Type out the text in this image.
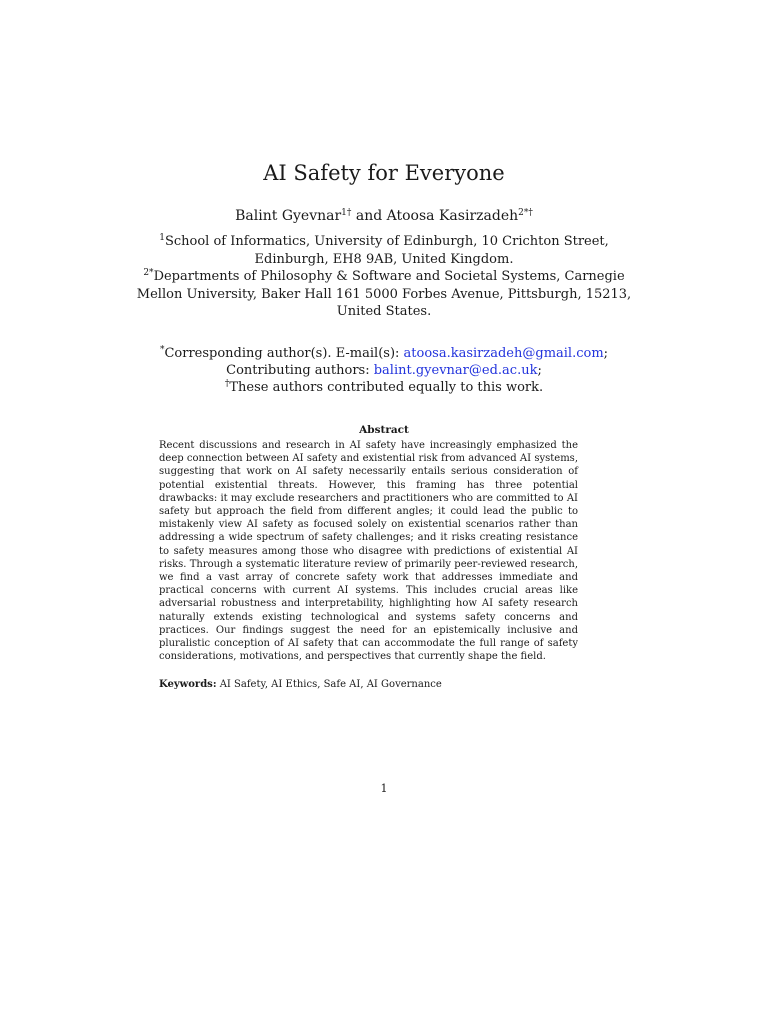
AI Safety for Everyone
Balint Gyevnar$^{1\dagger}$ and Atoosa Kasirzadeh$^{2*\dagger}$

$^1$School of Informatics, University of Edinburgh, 10 Crichton Street, Edinburgh, EH8 9AB, United Kingdom.

$^{2*}$Departments of Philosophy & Software and Societal Systems, Carnegie Mellon University, Baker Hall 161 5000 Forbes Avenue, Pittsburgh, 15213, United States.

*Corresponding author(s). E-mail(s): atoosa.kasirzadeh@gmail.com;

Contributing authors: balint.gyevnar@ed.ac.uk;

†These authors contributed equally to this work.

Abstract

Recent discussions and research in AI safety have increasingly emphasized the deep connection between AI safety and existential risk from advanced AI systems, suggesting that work on AI safety necessarily entails serious consideration of potential existential threats. However, this framing has three potential drawbacks: it may exclude researchers and practitioners who are committed to AI safety but approach the field from different angles; it could lead the public to mistakenly view AI safety as focused solely on existential scenarios rather than addressing a wide spectrum of safety challenges; and it risks creating resistance to safety measures among those who disagree with predictions of existential AI risks. Through a systematic literature review of primarily peer-reviewed research, we find a vast array of concrete safety work that addresses immediate and practical concerns with current AI systems. This includes crucial areas like adversarial robustness and interpretability, highlighting how AI safety research naturally extends existing technological and systems safety concerns and practices. Our findings suggest the need for an epistemically inclusive and pluralistic conception of AI safety that can accommodate the full range of safety considerations, motivations, and perspectives that currently shape the field.

Keywords: AI Safety, AI Ethics, Safe AI, AI Governance

1
